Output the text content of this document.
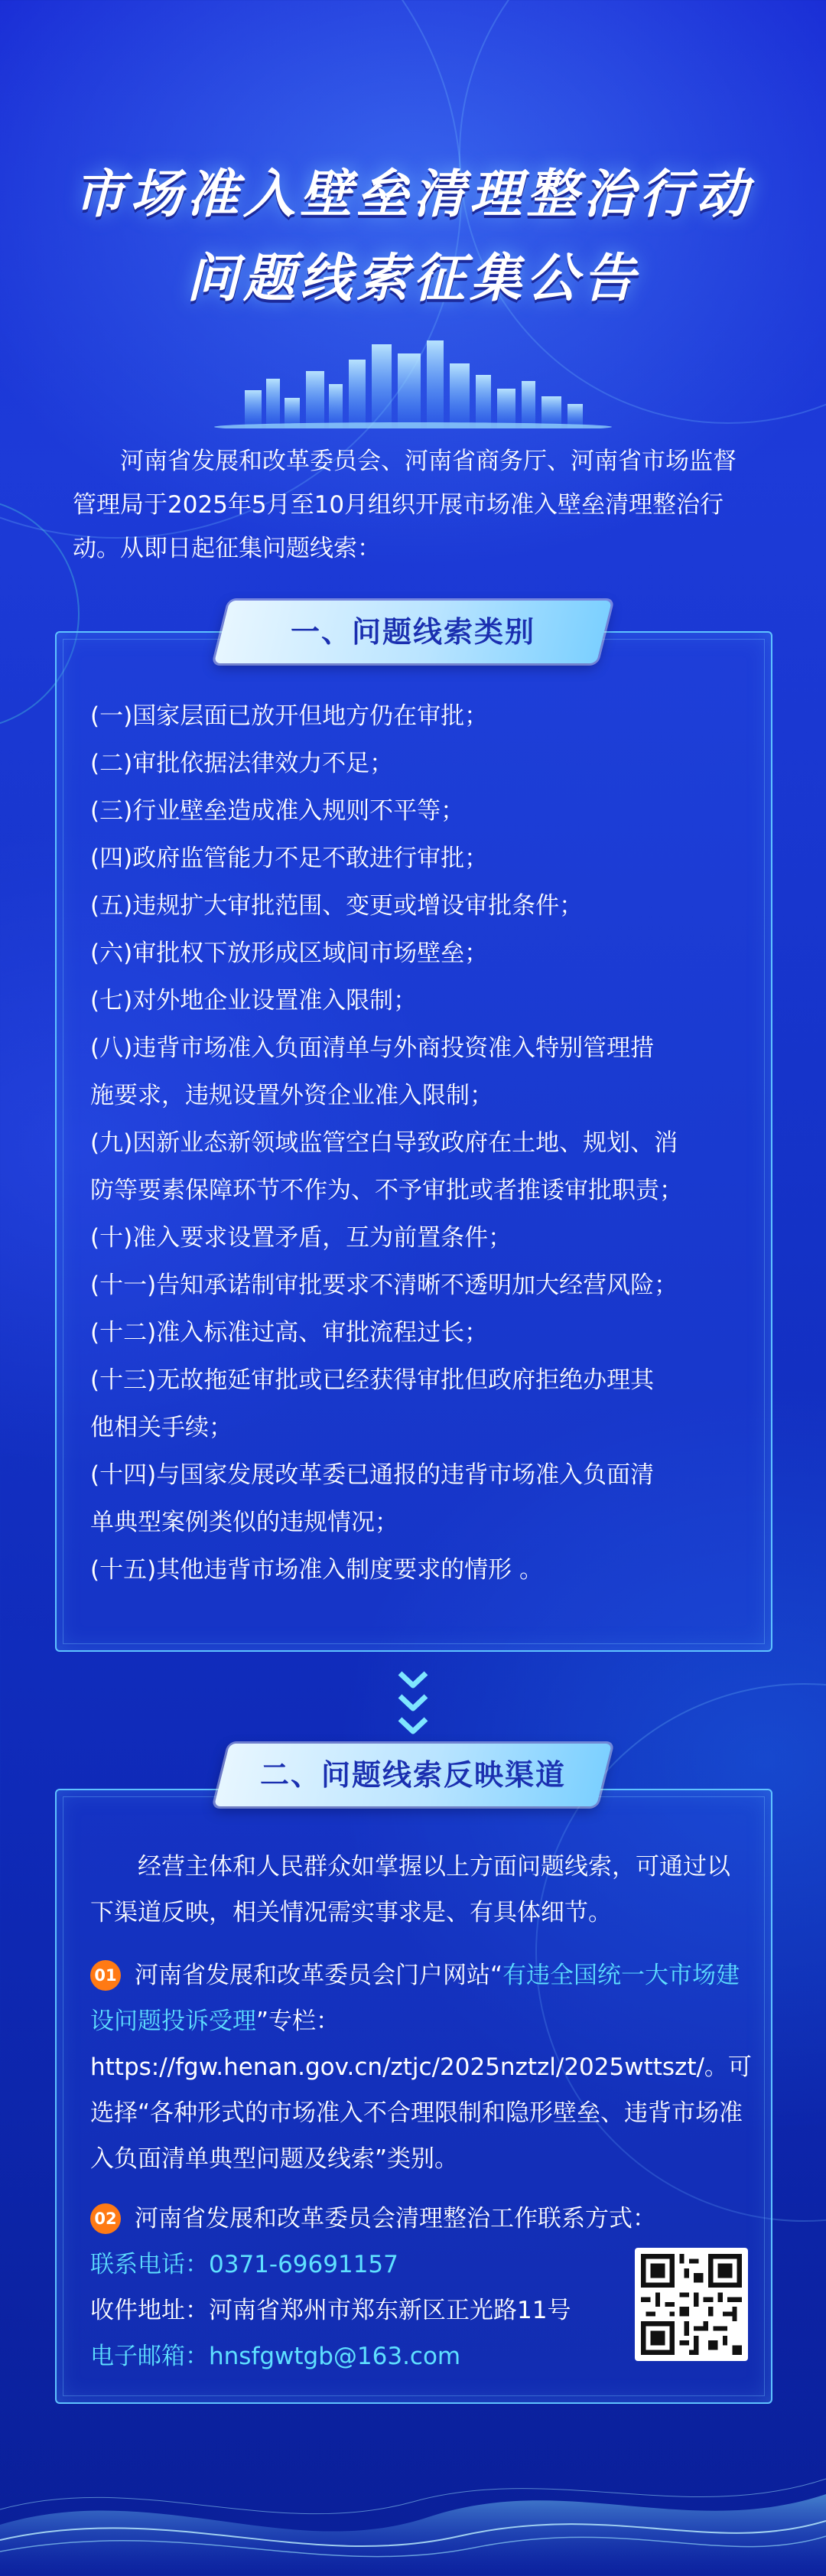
市场准入壁垒清理整治行动
问题线索征集公告

河南省发展和改革委员会、河南省商务厅、河南省市场监督管理局于2025年5月至10月组织开展市场准入壁垒清理整治行动。从即日起征集问题线索：

一、问题线索类别
(一)国家层面已放开但地方仍在审批；
(二)审批依据法律效力不足；
(三)行业壁垒造成准入规则不平等；
(四)政府监管能力不足不敢进行审批；
(五)违规扩大审批范围、变更或增设审批条件；
(六)审批权下放形成区域间市场壁垒；
(七)对外地企业设置准入限制；
(八)违背市场准入负面清单与外商投资准入特别管理措
施要求，违规设置外资企业准入限制；
(九)因新业态新领域监管空白导致政府在土地、规划、消
防等要素保障环节不作为、不予审批或者推诿审批职责；
(十)准入要求设置矛盾，互为前置条件；
(十一)告知承诺制审批要求不清晰不透明加大经营风险；
(十二)准入标准过高、审批流程过长；
(十三)无故拖延审批或已经获得审批但政府拒绝办理其
他相关手续；
(十四)与国家发展改革委已通报的违背市场准入负面清
单典型案例类似的违规情况；
(十五)其他违背市场准入制度要求的情形 。
二、问题线索反映渠道

经营主体和人民群众如掌握以上方面问题线索，可通过以下渠道反映，相关情况需实事求是、有具体细节。

01 河南省发展和改革委员会门户网站“有违全国统一大市场建设问题投诉受理”专栏：https://fgw.henan.gov.cn/ztjc/2025nztzl/2025wttszt/。可选择“各种形式的市场准入不合理限制和隐形壁垒、违背市场准入负面清单典型问题及线索”类别。

02 河南省发展和改革委员会清理整治工作联系方式：

联系电话：0371-69691157

收件地址：河南省郑州市郑东新区正光路11号

电子邮箱：hnsfgwtgb@163.com
